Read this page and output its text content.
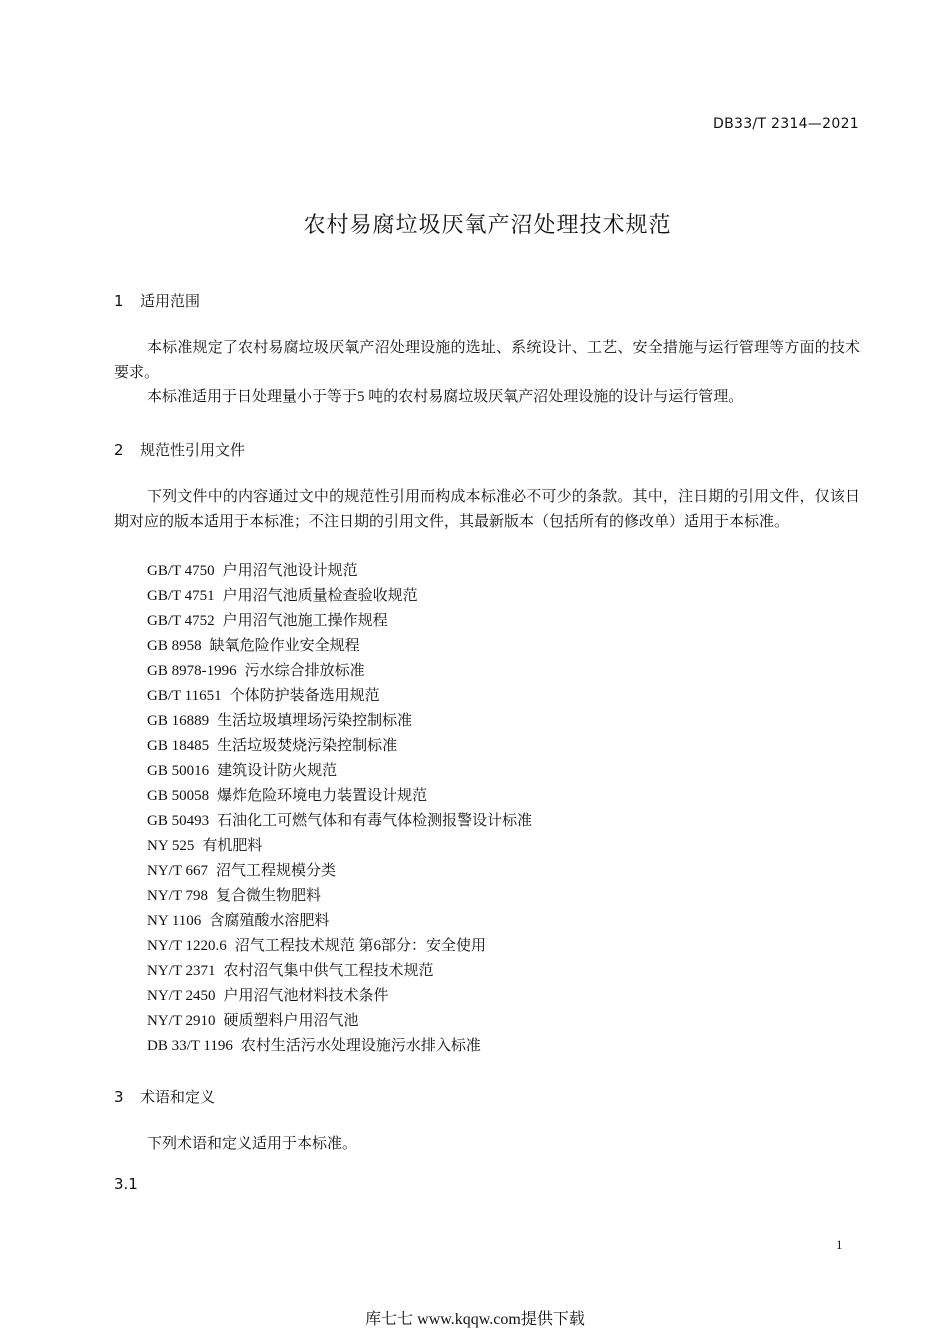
DB33/T 2314—2021
农村易腐垃圾厌氧产沼处理技术规范
1 适用范围
本标准规定了农村易腐垃圾厌氧产沼处理设施的选址、系统设计、工艺、安全措施与运行管理等方面的技术要求。
本标准适用于日处理量小于等于5 吨的农村易腐垃圾厌氧产沼处理设施的设计与运行管理。
2 规范性引用文件
下列文件中的内容通过文中的规范性引用而构成本标准必不可少的条款。其中，注日期的引用文件，仅该日期对应的版本适用于本标准；不注日期的引用文件，其最新版本（包括所有的修改单）适用于本标准。
GB/T 4750 户用沼气池设计规范
GB/T 4751 户用沼气池质量检查验收规范
GB/T 4752 户用沼气池施工操作规程
GB 8958 缺氧危险作业安全规程
GB 8978-1996 污水综合排放标准
GB/T 11651 个体防护装备选用规范
GB 16889 生活垃圾填埋场污染控制标准
GB 18485 生活垃圾焚烧污染控制标准
GB 50016 建筑设计防火规范
GB 50058 爆炸危险环境电力装置设计规范
GB 50493 石油化工可燃气体和有毒气体检测报警设计标准
NY 525 有机肥料
NY/T 667 沼气工程规模分类
NY/T 798 复合微生物肥料
NY 1106 含腐殖酸水溶肥料
NY/T 1220.6 沼气工程技术规范 第6部分：安全使用
NY/T 2371 农村沼气集中供气工程技术规范
NY/T 2450 户用沼气池材料技术条件
NY/T 2910 硬质塑料户用沼气池
DB 33/T 1196 农村生活污水处理设施污水排入标准
3 术语和定义
下列术语和定义适用于本标准。
3.1
1
库七七 www.kqqw.com提供下载
